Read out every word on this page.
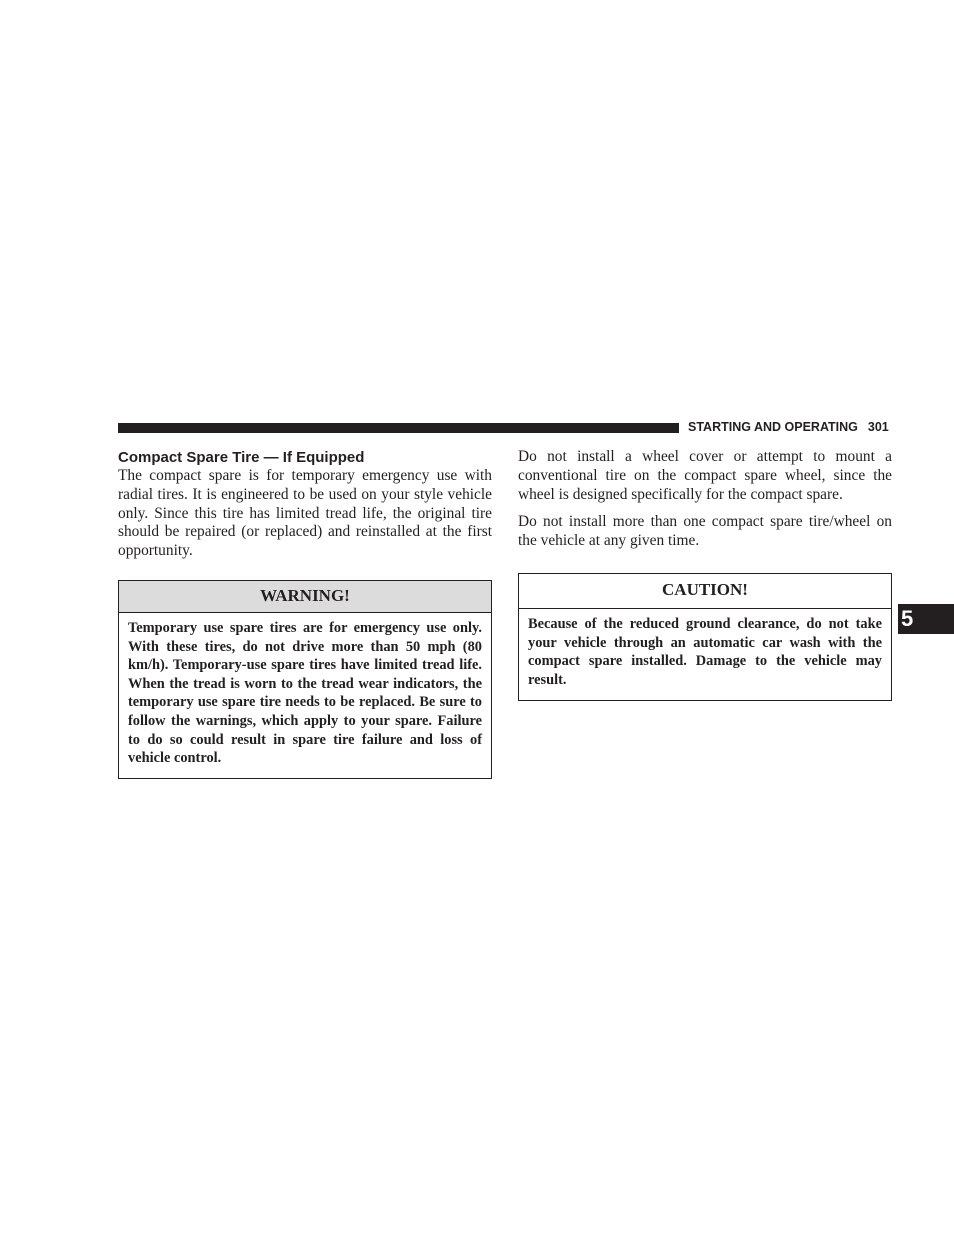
STARTING AND OPERATING 301
Compact Spare Tire — If Equipped

The compact spare is for temporary emergency use with radial tires. It is engineered to be used on your style vehicle only. Since this tire has limited tread life, the original tire should be repaired (or replaced) and reinstalled at the first opportunity.

WARNING!

Temporary use spare tires are for emergency use only. With these tires, do not drive more than 50 mph (80 km/h). Temporary-use spare tires have limited tread life. When the tread is worn to the tread wear indicators, the temporary use spare tire needs to be replaced. Be sure to follow the warnings, which apply to your spare. Failure to do so could result in spare tire failure and loss of vehicle control.

Do not install a wheel cover or attempt to mount a conventional tire on the compact spare wheel, since the wheel is designed specifically for the compact spare.

Do not install more than one compact spare tire/wheel on the vehicle at any given time.

CAUTION!

Because of the reduced ground clearance, do not take your vehicle through an automatic car wash with the compact spare installed. Damage to the vehicle may result.

5
